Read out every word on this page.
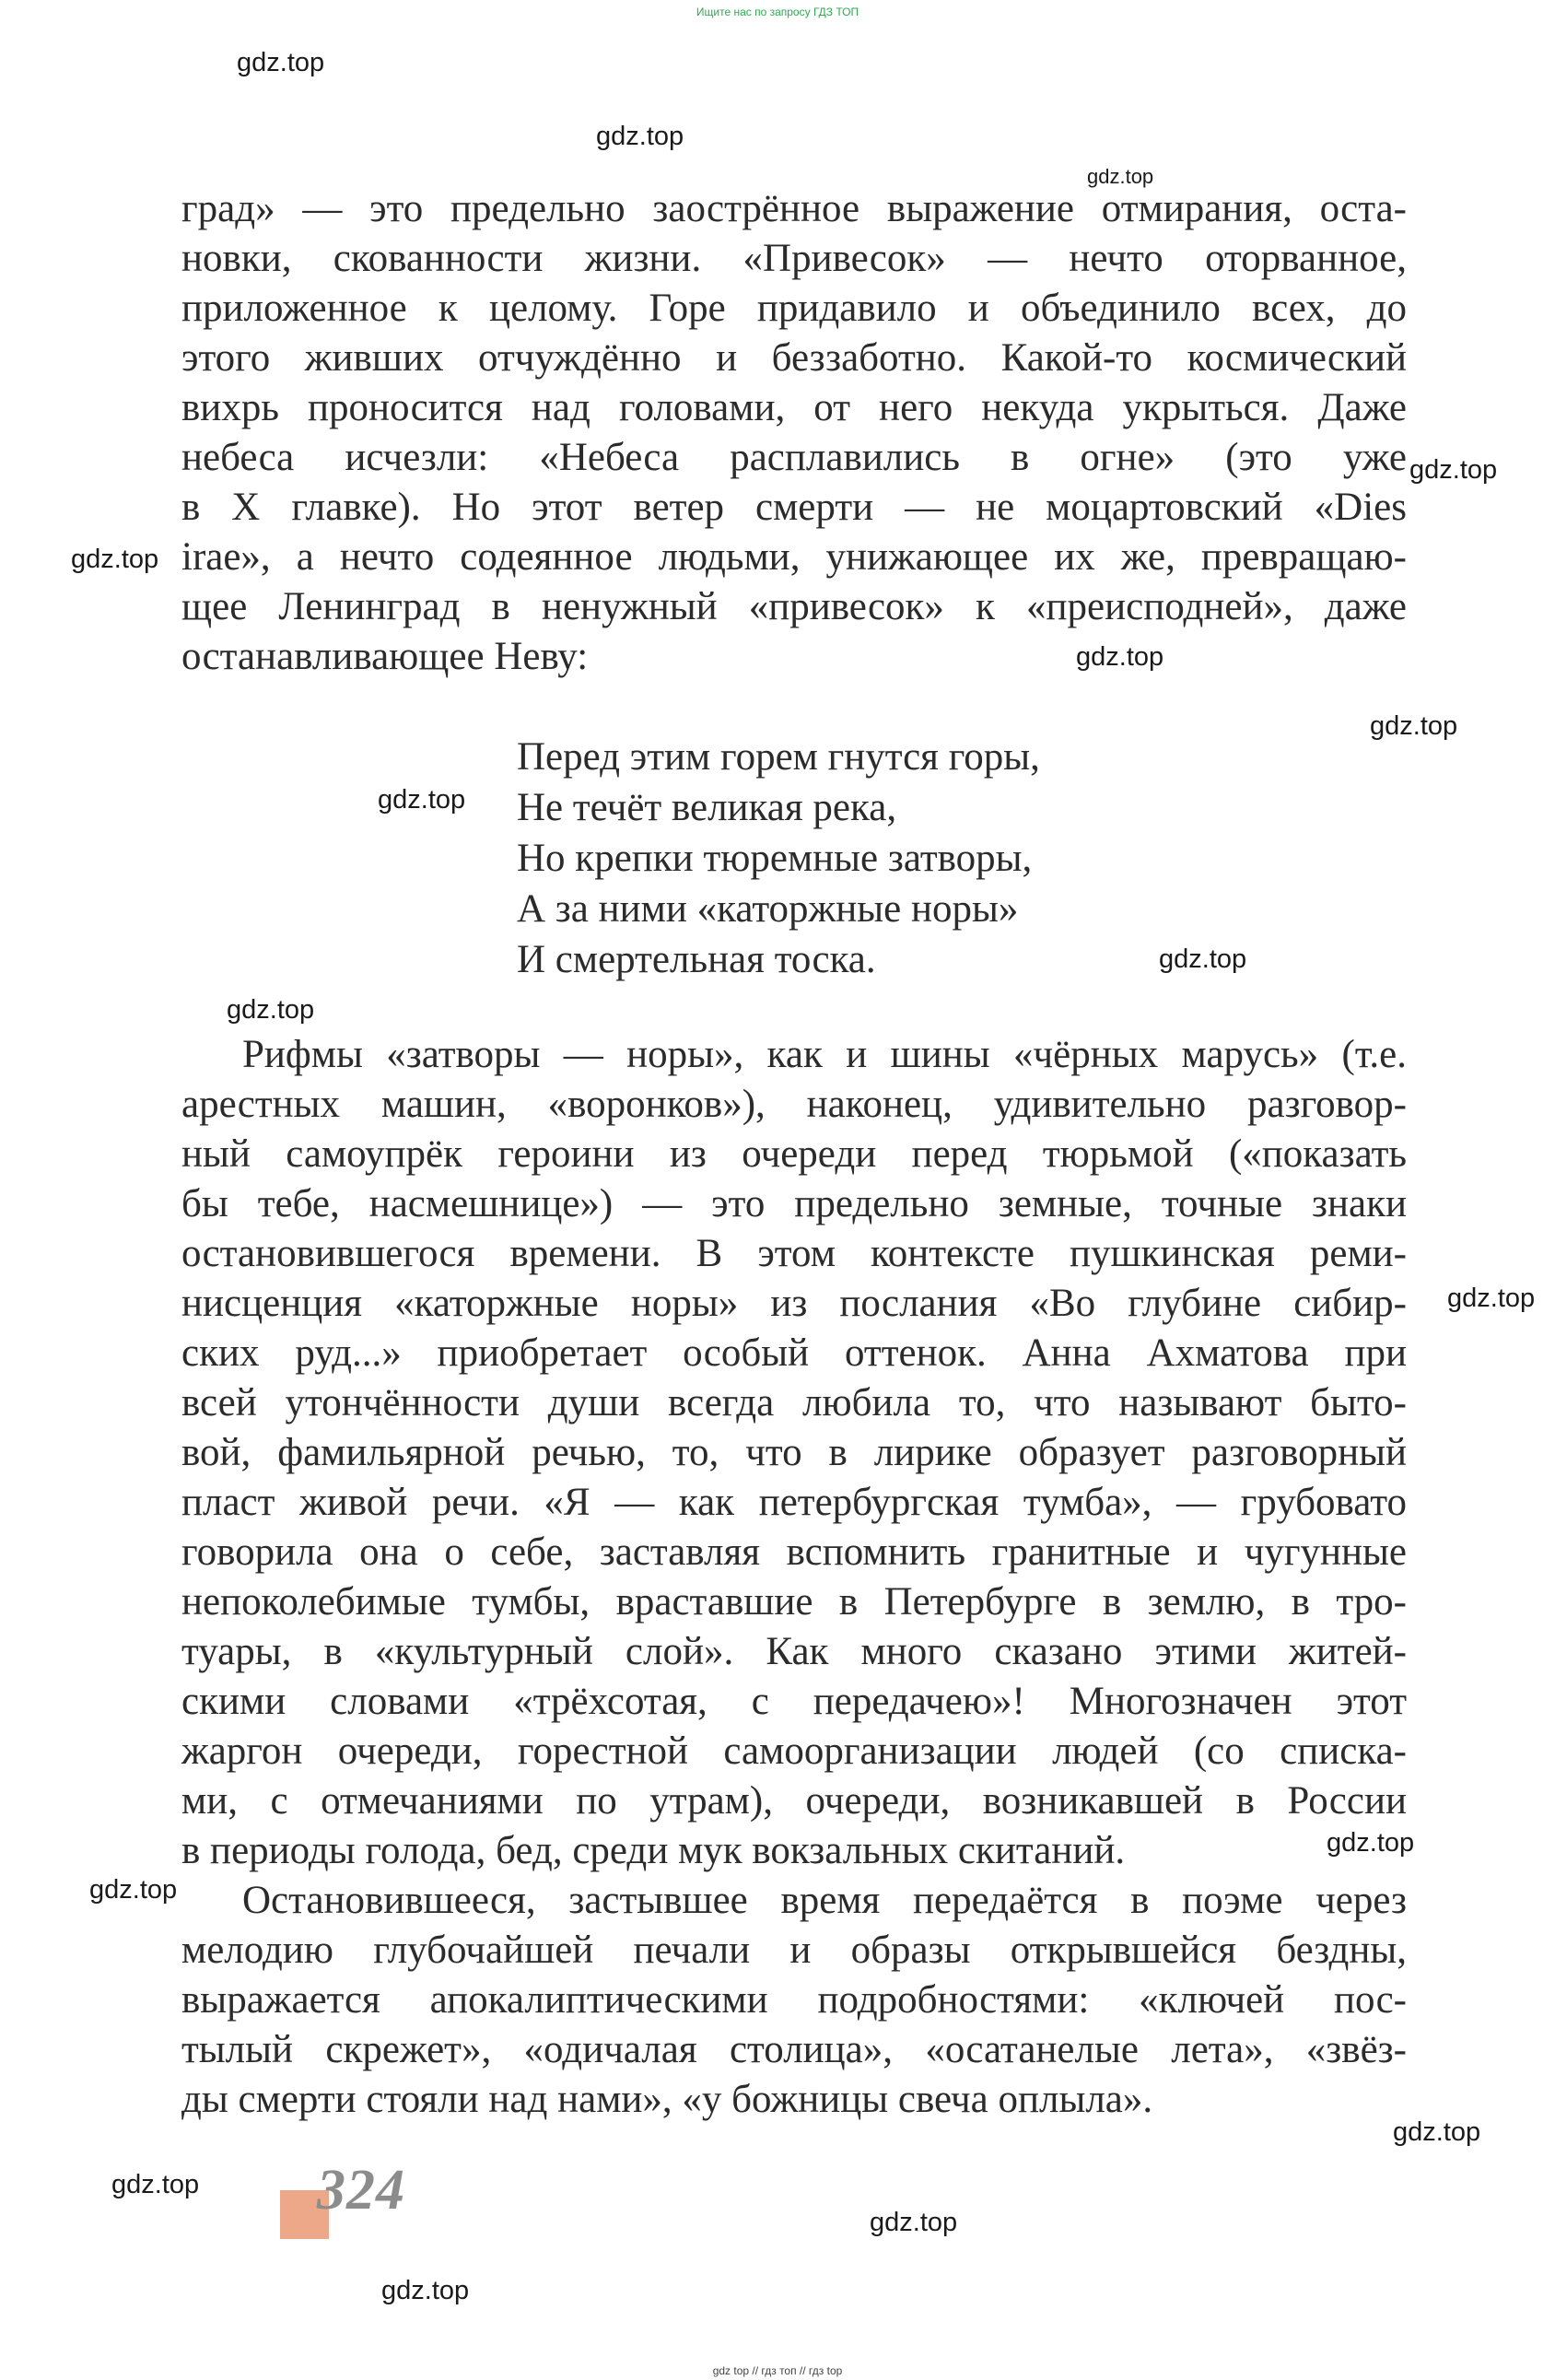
Ищите нас по запросу ГДЗ ТОП

град» — это предельно заострённое выражение отмирания, оста-
новки, скованности жизни. «Привесок» — нечто оторванное,
приложенное к целому. Горе придавило и объединило всех, до
этого живших отчуждённо и беззаботно. Какой-то космический
вихрь проносится над головами, от него некуда укрыться. Даже
небеса исчезли: «Небеса расплавились в огне» (это уже
в X главке). Но этот ветер смерти — не моцартовский «Dies
irae», а нечто содеянное людьми, унижающее их же, превращаю-
щее Ленинград в ненужный «привесок» к «преисподней», даже
останавливающее Неву:

Перед этим горем гнутся горы,
Не течёт великая река,
Но крепки тюремные затворы,
А за ними «каторжные норы»
И смертельная тоска.

Рифмы «затворы — норы», как и шины «чёрных марусь» (т.е.
арестных машин, «воронков»), наконец, удивительно разговор-
ный самоупрёк героини из очереди перед тюрьмой («показать
бы тебе, насмешнице») — это предельно земные, точные знаки
остановившегося времени. В этом контексте пушкинская реми-
нисценция «каторжные норы» из послания «Во глубине сибир-
ских руд...» приобретает особый оттенок. Анна Ахматова при
всей утончённости души всегда любила то, что называют быто-
вой, фамильярной речью, то, что в лирике образует разговорный
пласт живой речи. «Я — как петербургская тумба», — грубовато
говорила она о себе, заставляя вспомнить гранитные и чугунные
непоколебимые тумбы, враставшие в Петербурге в землю, в тро-
туары, в «культурный слой». Как много сказано этими житей-
скими словами «трёхсотая, с передачею»! Многозначен этот
жаргон очереди, горестной самоорганизации людей (со списка-
ми, с отмечаниями по утрам), очереди, возникавшей в России
в периоды голода, бед, среди мук вокзальных скитаний.

Остановившееся, застывшее время передаётся в поэме через
мелодию глубочайшей печали и образы открывшейся бездны,
выражается апокалиптическими подробностями: «ключей пос-
тылый скрежет», «одичалая столица», «осатанелые лета», «звёз-
ды смерти стояли над нами», «у божницы свеча оплыла».

324
gdz.top
gdz.top
gdz.top
gdz.top
gdz.top
gdz.top
gdz.top
gdz.top
gdz.top
gdz.top
gdz.top
gdz.top
gdz.top
gdz.top
gdz.top
gdz.top
gdz.top
gdz top // гдз топ // гдз top
